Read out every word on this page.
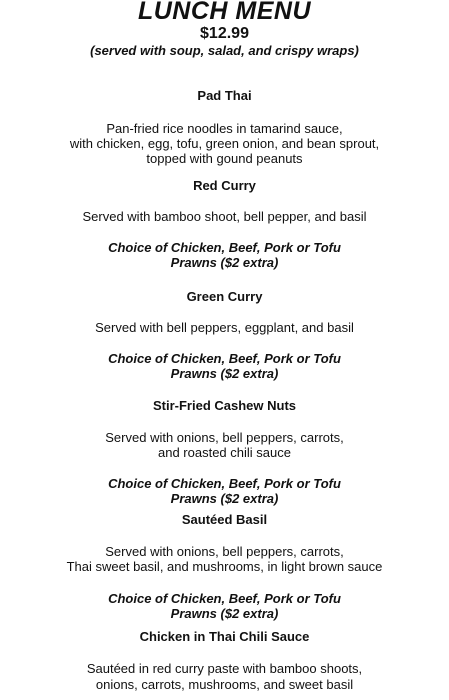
LUNCH MENU

$12.99

(served with soup, salad, and crispy wraps)

Pad Thai

Pan-fried rice noodles in tamarind sauce,

with chicken, egg, tofu, green onion, and bean sprout,

topped with gound peanuts

Red Curry

Served with bamboo shoot, bell pepper, and basil

Choice of Chicken, Beef, Pork or Tofu

Prawns ($2 extra)

Green Curry

Served with bell peppers, eggplant, and basil

Choice of Chicken, Beef, Pork or Tofu

Prawns ($2 extra)

Stir-Fried Cashew Nuts

Served with onions, bell peppers, carrots,

and roasted chili sauce

Choice of Chicken, Beef, Pork or Tofu

Prawns ($2 extra)

Sautéed Basil

Served with onions, bell peppers, carrots,

Thai sweet basil, and mushrooms, in light brown sauce

Choice of Chicken, Beef, Pork or Tofu

Prawns ($2 extra)

Chicken in Thai Chili Sauce

Sautéed in red curry paste with bamboo shoots,

onions, carrots, mushrooms, and sweet basil
